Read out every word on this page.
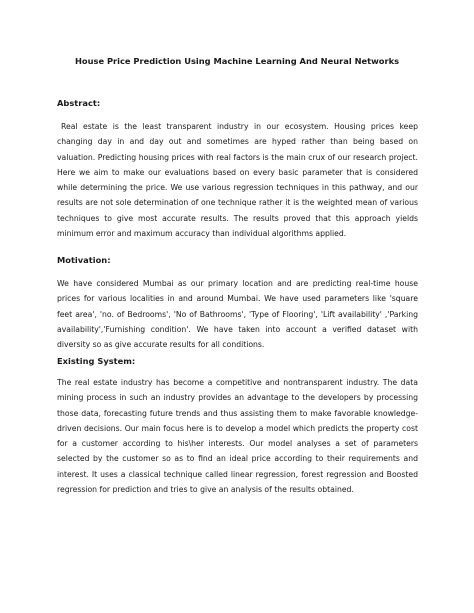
House Price Prediction Using Machine Learning And Neural Networks
Abstract:

Real estate is the least transparent industry in our ecosystem. Housing prices keep changing day in and day out and sometimes are hyped rather than being based on valuation. Predicting housing prices with real factors is the main crux of our research project. Here we aim to make our evaluations based on every basic parameter that is considered while determining the price. We use various regression techniques in this pathway, and our results are not sole determination of one technique rather it is the weighted mean of various techniques to give most accurate results. The results proved that this approach yields minimum error and maximum accuracy than individual algorithms applied.

Motivation:

We have considered Mumbai as our primary location and are predicting real-time house prices for various localities in and around Mumbai. We have used parameters like 'square feet area', 'no. of Bedrooms', 'No of Bathrooms', 'Type of Flooring', 'Lift availability' ,'Parking availability','Furnishing condition'. We have taken into account a verified dataset with diversity so as give accurate results for all conditions.

Existing System:

The real estate industry has become a competitive and nontransparent industry. The data mining process in such an industry provides an advantage to the developers by processing those data, forecasting future trends and thus assisting them to make favorable knowledge-driven decisions. Our main focus here is to develop a model which predicts the property cost for a customer according to his\her interests. Our model analyses a set of parameters selected by the customer so as to find an ideal price according to their requirements and interest. It uses a classical technique called linear regression, forest regression and Boosted regression for prediction and tries to give an analysis of the results obtained.
